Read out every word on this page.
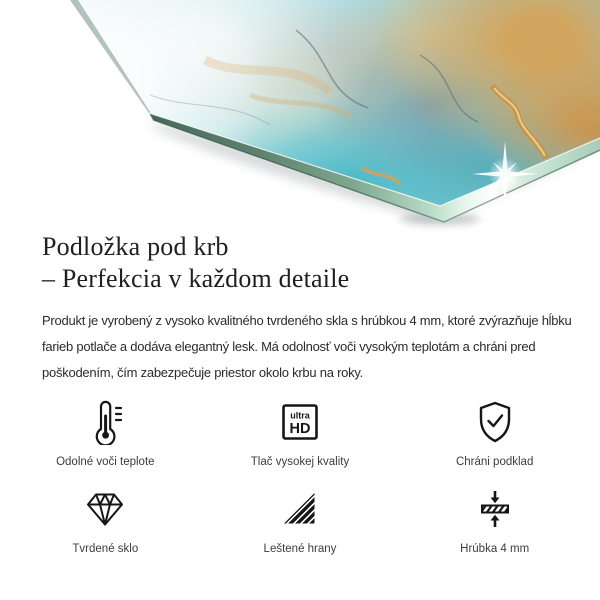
Podložka pod krb
– Perfekcia v každom detaile
Produkt je vyrobený z vysoko kvalitného tvrdeného skla s hrúbkou 4 mm, ktoré zvýrazňuje hĺbku
farieb potlače a dodáva elegantný lesk. Má odolnosť voči vysokým teplotám a chráni pred
poškodením, čím zabezpečuje priestor okolo krbu na roky.
Odolné voči teplote
ultra
HD
Tlač vysokej kvality	Chráni podklad
Tvrdené sklo	Leštené hrany	Hrúbka 4 mm
